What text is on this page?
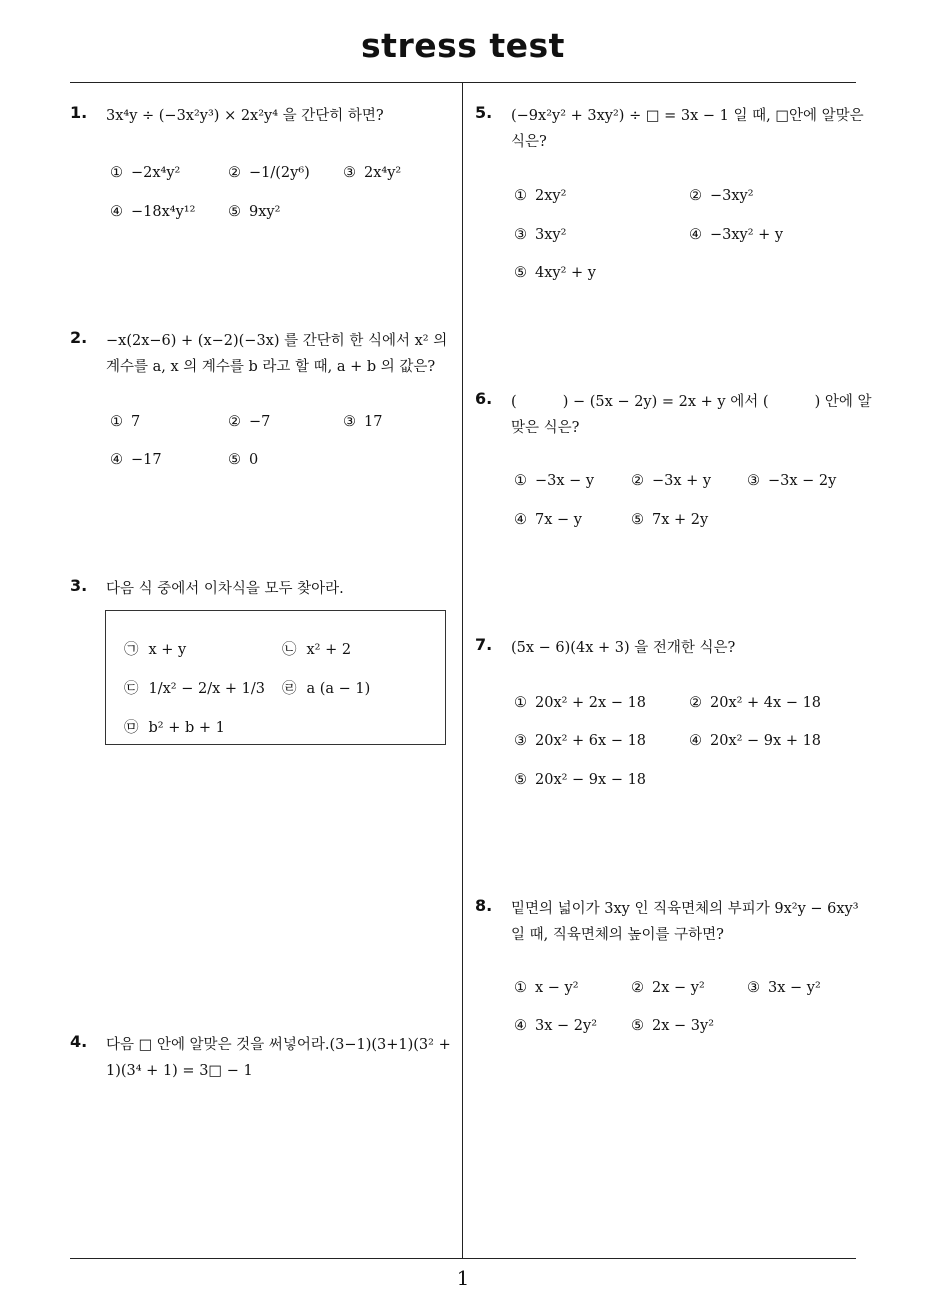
stress test
1
1. 3x⁴y ÷ (−3x²y³) × 2x²y⁴ 을 간단히 하면?
① −2x⁴y²	② −1/(2y⁶) ③ 2x⁴y²
④ −18x⁴y¹² ⑤ 9xy²
2. −x(2x−6) + (x−2)(−3x) 를 간단히 한 식에서 x² 의
계수를 a, x 의 계수를 b 라고 할 때, a + b 의 값은?
① 7	② −7	③ 17
④ −17	⑤ 0
3. 다음 식 중에서 이차식을 모두 찾아라.
㉠ x + y	㉡ x² + 2
㉢ 1/x² − 2/x + 1/3 ㉣ a (a − 1)
㉤ b² + b + 1
4. 다음 □ 안에 알맞은 것을 써넣어라.(3−1)(3+1)(3² +
1)(3⁴ + 1) = 3□ − 1
5. (−9x²y² + 3xy²) ÷ □ = 3x − 1 일 때, □안에 알맞은
식은?
① 2xy²	② −3xy²
③ 3xy²	④ −3xy² + y
⑤ 4xy² + y
6. (          ) − (5x − 2y) = 2x + y 에서 (          ) 안에 알
맞은 식은?
① −3x − y	② −3x + y ③ −3x − 2y
④ 7x − y	⑤ 7x + 2y
7. (5x − 6)(4x + 3) 을 전개한 식은?
① 20x² + 2x − 18	② 20x² + 4x − 18
③ 20x² + 6x − 18	④ 20x² − 9x + 18
⑤ 20x² − 9x − 18
8. 밑면의 넓이가 3xy 인 직육면체의 부피가 9x²y − 6xy³
일 때, 직육면체의 높이를 구하면?
① x − y²	② 2x − y²	③ 3x − y²
④ 3x − 2y² ⑤ 2x − 3y²
